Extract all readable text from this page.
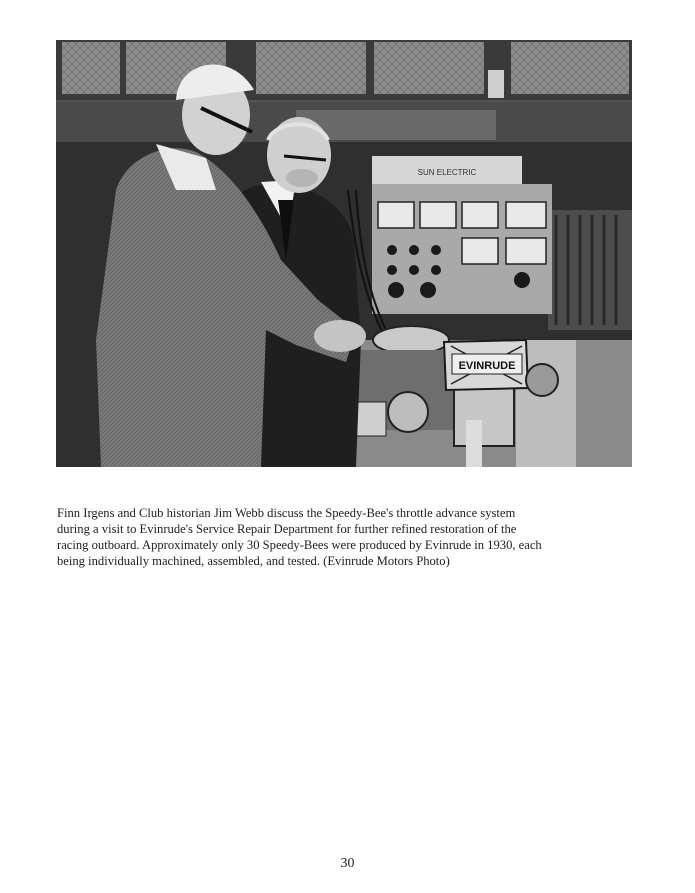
SUN ELECTRIC
EVINRUDE

Finn Irgens and Club historian Jim Webb discuss the Speedy-Bee's throttle advance system

during a visit to Evinrude's Service Repair Department for further refined restoration of the

racing outboard. Approximately only 30 Speedy-Bees were produced by Evinrude in 1930, each

being individually machined, assembled, and tested. (Evinrude Motors Photo)

30
